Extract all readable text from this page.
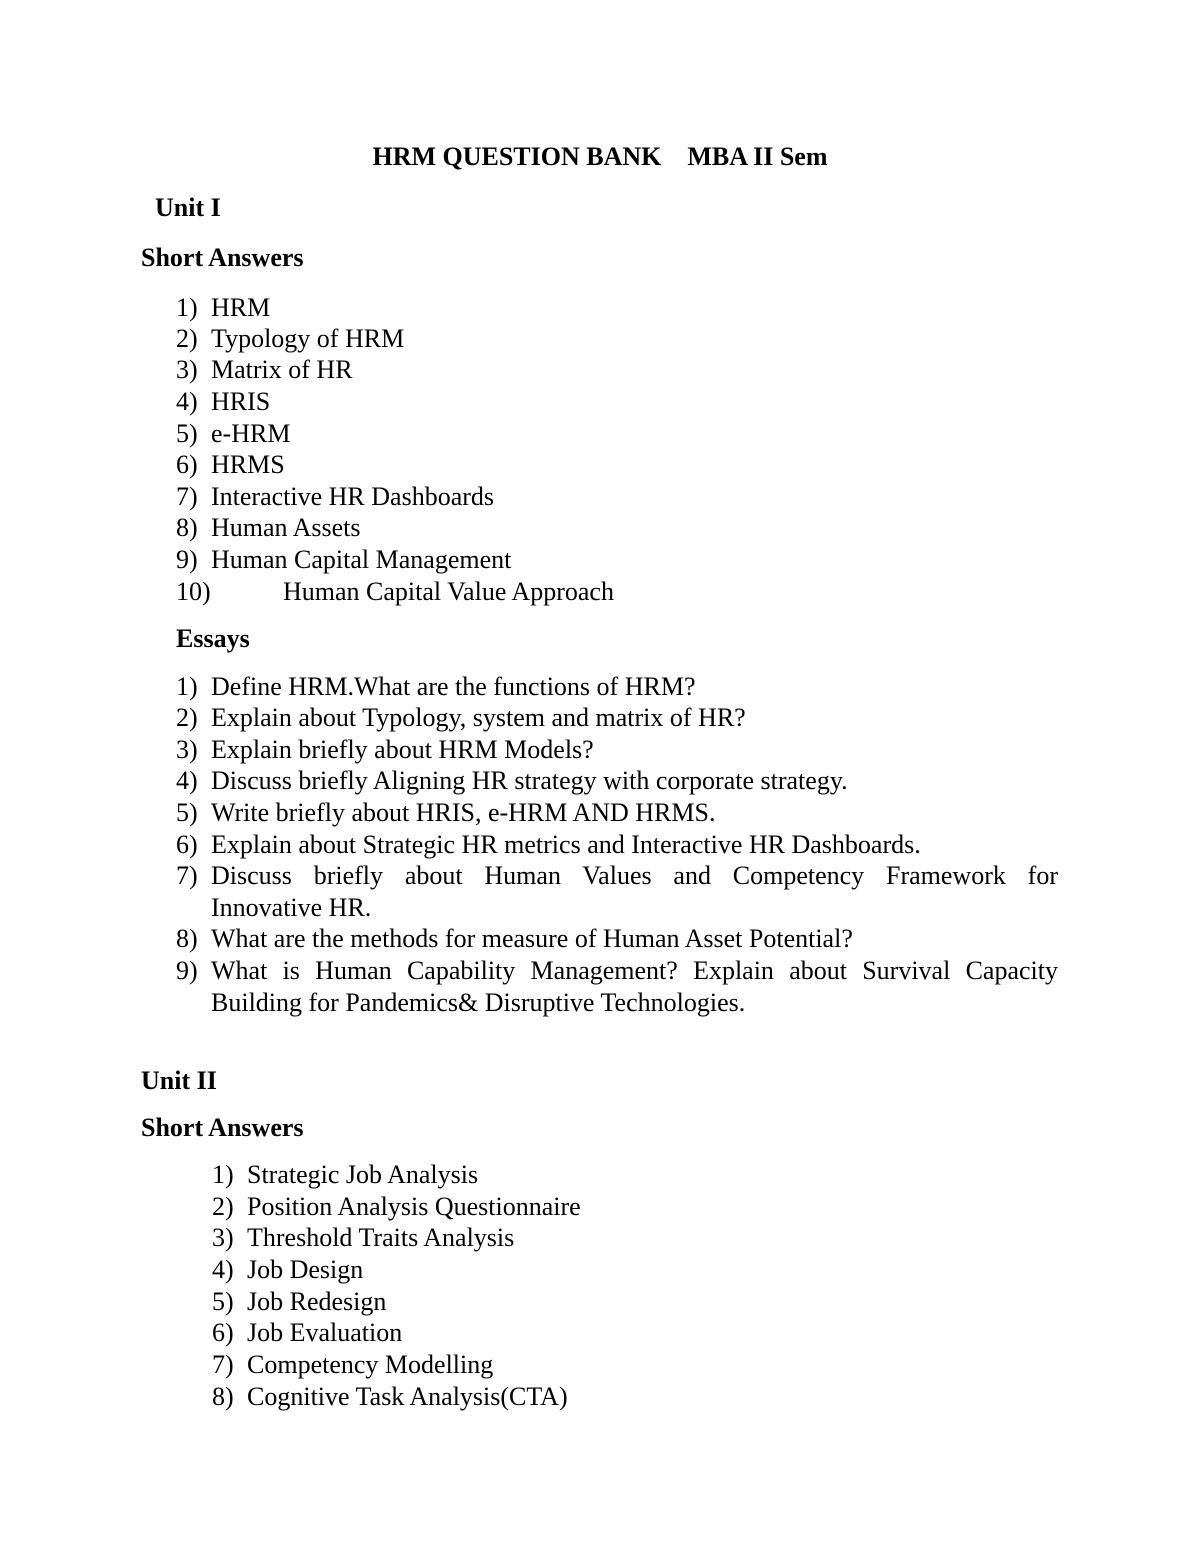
HRM QUESTION BANK    MBA II Sem
Unit I
Short Answers
1) HRM
2) Typology of HRM
3) Matrix of HR
4) HRIS
5) e-HRM
6) HRMS
7) Interactive HR Dashboards
8) Human Assets
9) Human Capital Management
10)	Human Capital Value Approach
Essays
1) Define HRM.What are the functions of HRM?
2) Explain about Typology, system and matrix of HR?
3) Explain briefly about HRM Models?
4) Discuss briefly Aligning HR strategy with corporate strategy.
5) Write briefly about HRIS, e-HRM AND HRMS.
6) Explain about Strategic HR metrics and Interactive HR Dashboards.
7) Discuss briefly about Human Values and Competency Framework for
Innovative HR.
8) What are the methods for measure of Human Asset Potential?
9) What is Human Capability Management? Explain about Survival Capacity
Building for Pandemics& Disruptive Technologies.
Unit II
Short Answers
1) Strategic Job Analysis
2) Position Analysis Questionnaire
3) Threshold Traits Analysis
4) Job Design
5) Job Redesign
6) Job Evaluation
7) Competency Modelling
8) Cognitive Task Analysis(CTA)
